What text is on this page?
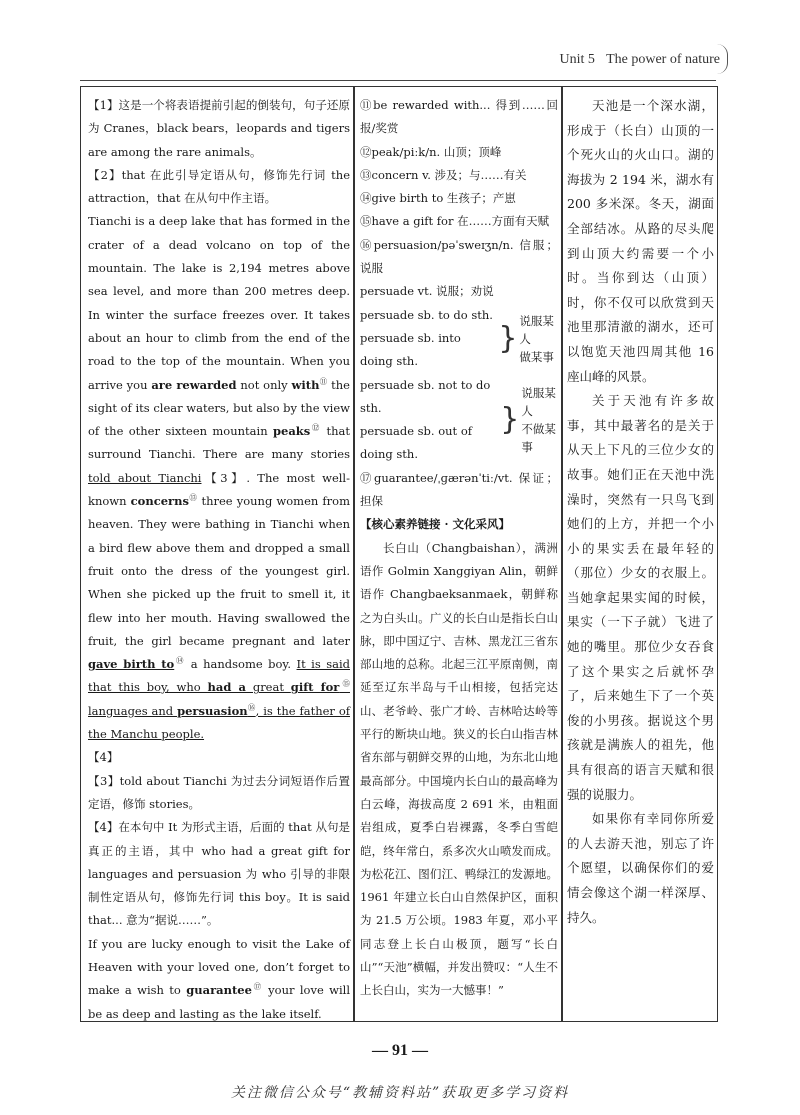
Unit 5 The power of nature

【1】这是一个将表语提前引起的倒装句，句子还原为 Cranes，black bears，leopards and tigers are among the rare animals。

【2】that 在此引导定语从句，修饰先行词 the attraction，that 在从句中作主语。

Tianchi is a deep lake that has formed in the crater of a dead volcano on top of the mountain. The lake is 2,194 metres above sea level, and more than 200 metres deep. In winter the surface freezes over. It takes about an hour to climb from the end of the road to the top of the mountain. When you arrive you are rewarded not only with⑪ the sight of its clear waters, but also by the view of the other sixteen mountain peaks⑫ that surround Tianchi. There are many stories told about Tianchi【3】. The most well-known concerns⑬ three young women from heaven. They were bathing in Tianchi when a bird flew above them and dropped a small fruit onto the dress of the youngest girl. When she picked up the fruit to smell it, it flew into her mouth. Having swallowed the fruit, the girl became pregnant and later gave birth to⑭ a handsome boy. It is said that this boy, who had a great gift for⑮ languages and persuasion⑯, is the father of the Manchu people.

【4】

【3】told about Tianchi 为过去分词短语作后置定语，修饰 stories。

【4】在本句中 It 为形式主语，后面的 that 从句是真正的主语，其中 who had a great gift for languages and persuasion 为 who 引导的非限制性定语从句，修饰先行词 this boy。It is said that... 意为“据说……”。

If you are lucky enough to visit the Lake of Heaven with your loved one, don’t forget to make a wish to guarantee⑰ your love will be as deep and lasting as the lake itself.

⑪be rewarded with... 得到……回报/奖赏

⑫peak/piːk/n. 山顶；顶峰

⑬concern v. 涉及；与……有关

⑭give birth to 生孩子；产崽

⑮have a gift for 在……方面有天赋

⑯persuasion/pəˈsweɪʒn/n. 信服；说服

persuade vt. 说服；劝说

persuade sb. to do sth.
persuade sb. into doing sth.
} 说服某人
做某事
persuade sb. not to do sth.
persuade sb. out of doing sth.
}
说服某人
不做某事

⑰guarantee/ˌɡærənˈtiː/vt. 保证；担保

【核心素养链接 · 文化采风】

长白山（Changbaishan），满洲语作 Golmin Xanggiyan Alin，朝鲜语作 Changbaeksanmaek，朝鲜称之为白头山。广义的长白山是指长白山脉，即中国辽宁、吉林、黑龙江三省东部山地的总称。北起三江平原南侧，南延至辽东半岛与千山相接，包括完达山、老爷岭、张广才岭、吉林哈达岭等平行的断块山地。狭义的长白山指吉林省东部与朝鲜交界的山地，为东北山地最高部分。中国境内长白山的最高峰为白云峰，海拔高度 2 691 米，由粗面岩组成，夏季白岩裸露，冬季白雪皑皑，终年常白，系多次火山喷发而成。为松花江、图们江、鸭绿江的发源地。1961 年建立长白山自然保护区，面积为 21.5 万公顷。1983 年夏，邓小平同志登上长白山极顶，题写“长白山”“天池”横幅，并发出赞叹：“人生不上长白山，实为一大憾事！”

天池是一个深水湖，形成于（长白）山顶的一个死火山的火山口。湖的海拔为 2 194 米，湖水有 200 多米深。冬天，湖面全部结冰。从路的尽头爬到山顶大约需要一个小时。当你到达（山顶）时，你不仅可以欣赏到天池里那清澈的湖水，还可以饱览天池四周其他 16 座山峰的风景。

关于天池有许多故事，其中最著名的是关于从天上下凡的三位少女的故事。她们正在天池中洗澡时，突然有一只鸟飞到她们的上方，并把一个小小的果实丢在最年轻的（那位）少女的衣服上。当她拿起果实闻的时候，果实（一下子就）飞进了她的嘴里。那位少女吞食了这个果实之后就怀孕了，后来她生下了一个英俊的小男孩。据说这个男孩就是满族人的祖先，他具有很高的语言天赋和很强的说服力。

如果你有幸同你所爱的人去游天池，别忘了许个愿望，以确保你们的爱情会像这个湖一样深厚、持久。

— 91 —
关注微信公众号“教辅资料站”获取更多学习资料
